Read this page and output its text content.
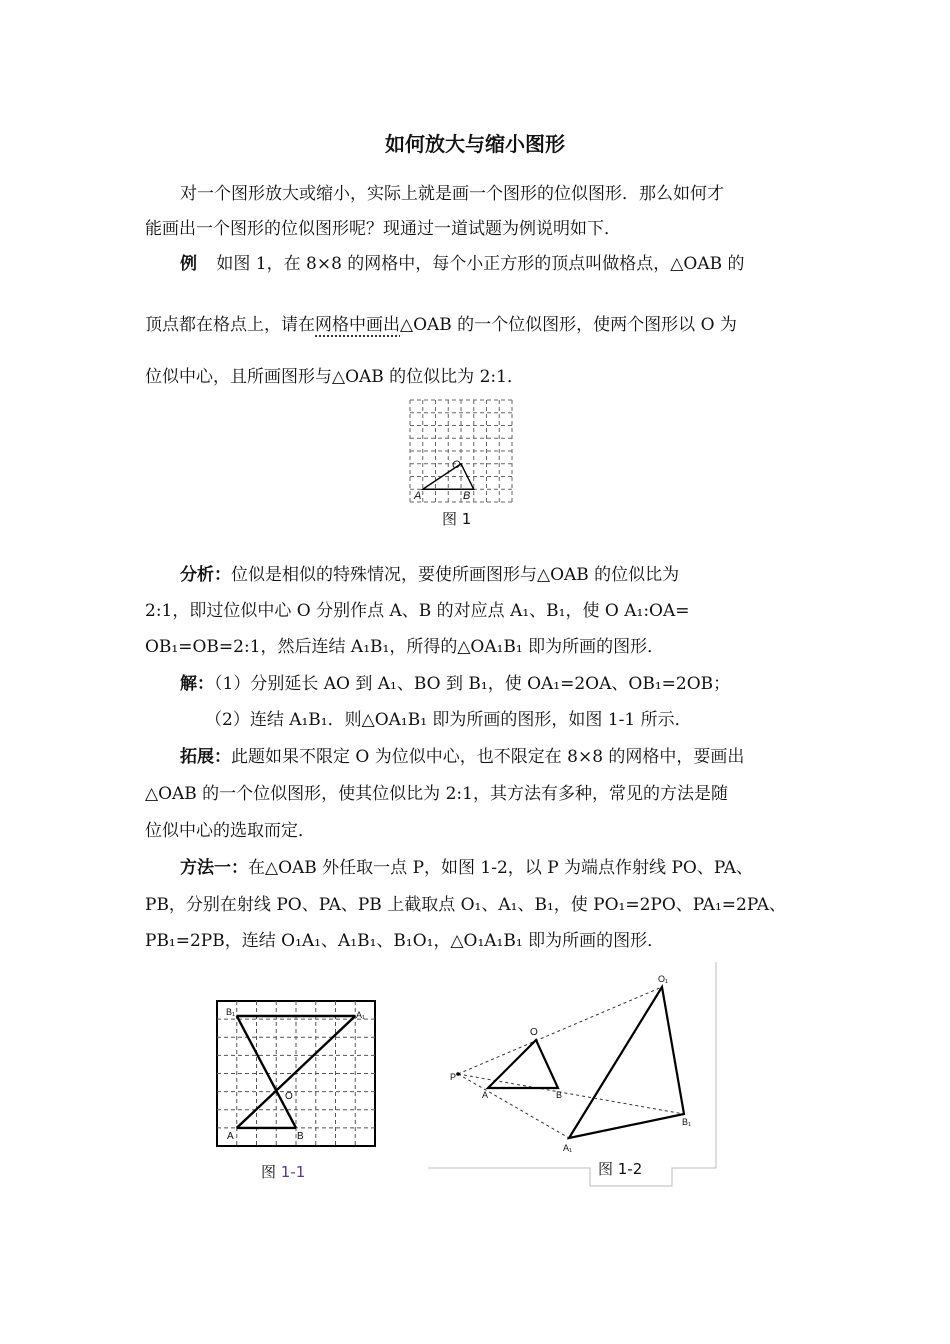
如何放大与缩小图形
对一个图形放大或缩小，实际上就是画一个图形的位似图形．那么如何才
能画出一个图形的位似图形呢？现通过一道试题为例说明如下．
例 如图 1，在 8×8 的网格中，每个小正方形的顶点叫做格点，△OAB 的
顶点都在格点上，请在网格中画出△OAB 的一个位似图形，使两个图形以 O 为
位似中心，且所画图形与△OAB 的位似比为 2:1．
O
A	B
图 1
分析：位似是相似的特殊情况，要使所画图形与△OAB 的位似比为
2:1，即过位似中心 O 分别作点 A、B 的对应点 A₁、B₁，使 O A₁:OA=
OB₁=OB=2:1，然后连结 A₁B₁，所得的△OA₁B₁ 即为所画的图形．
解：（1）分别延长 AO 到 A₁、BO 到 B₁，使 OA₁=2OA、OB₁=2OB；
（2）连结 A₁B₁．则△OA₁B₁ 即为所画的图形，如图 1-1 所示．
拓展：此题如果不限定 O 为位似中心，也不限定在 8×8 的网格中，要画出
△OAB 的一个位似图形，使其位似比为 2:1，其方法有多种，常见的方法是随
位似中心的选取而定．
方法一：在△OAB 外任取一点 P，如图 1-2，以 P 为端点作射线 PO、PA、
PB，分别在射线 PO、PA、PB 上截取点 O₁、A₁、B₁，使 PO₁=2PO、PA₁=2PA、
PB₁=2PB，连结 O₁A₁、A₁B₁、B₁O₁，△O₁A₁B₁ 即为所画的图形．
B₁	A₁
O
A	B
图 1-1
O₁
O
P
A	B
B₁
A₁
图 1-2
